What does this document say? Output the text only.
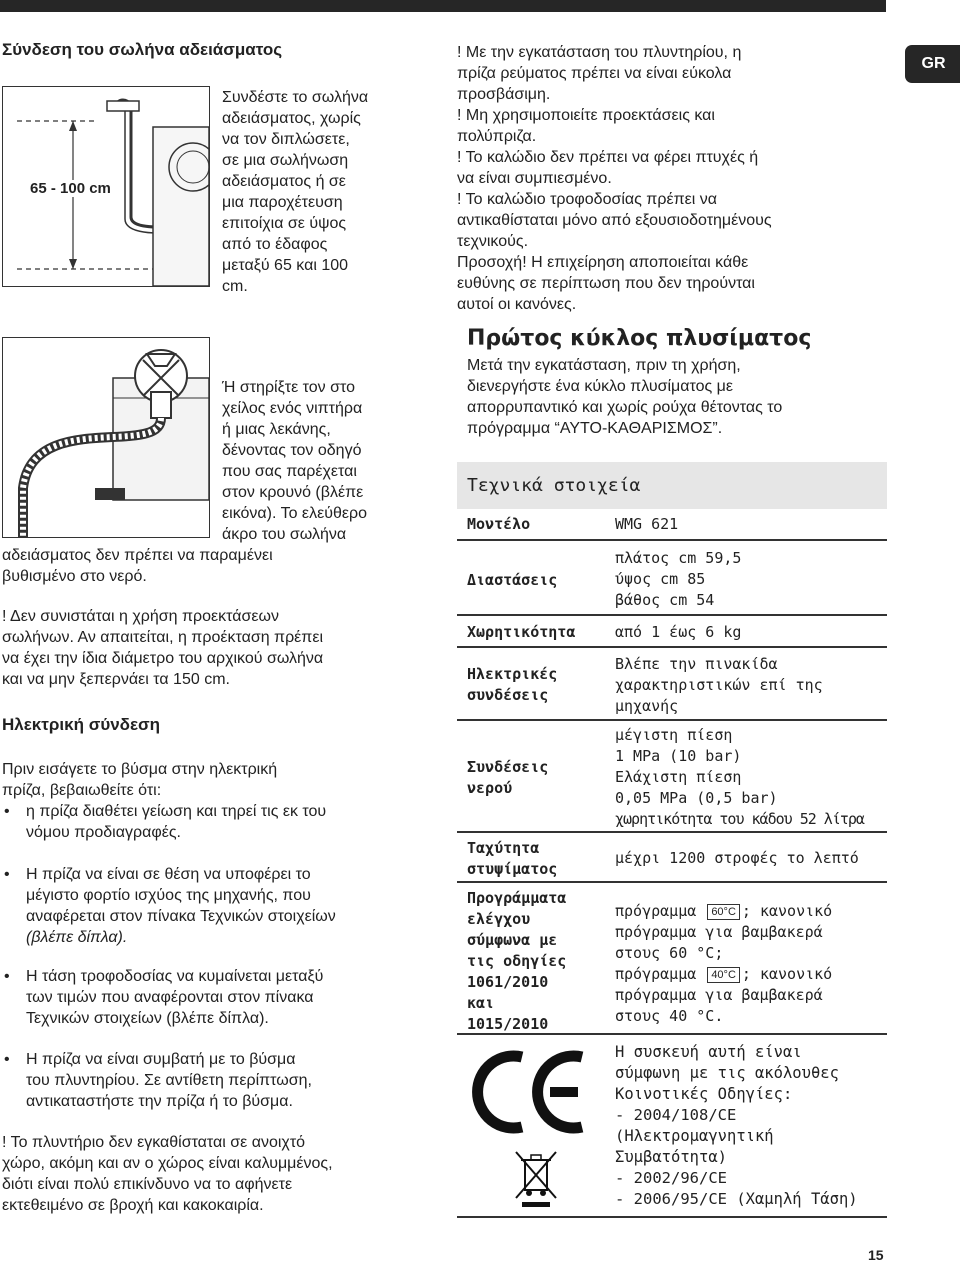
GR
Σύνδεση του σωλήνα αδειάσματος
65 - 100 cm
Συνδέστε το σωλήνα
αδειάσματος, χωρίς
να τον διπλώσετε,
σε μια σωλήνωση
αδειάσματος ή σε
μια παροχέτευση
επιτοίχια σε ύψος
από το έδαφος
μεταξύ 65 και 100
cm.
Ή στηρίξτε τον στο
χείλος ενός νιπτήρα
ή μιας λεκάνης,
δένοντας τον οδηγό
που σας παρέχεται
στον κρουνό (βλέπε
εικόνα). Το ελεύθερο
άκρο του σωλήνα
αδειάσματος δεν πρέπει να παραμένει
βυθισμένο στο νερό.
! Δεν συνιστάται η χρήση προεκτάσεων
σωλήνων. Αν απαιτείται, η προέκταση πρέπει
να έχει την ίδια διάμετρο του αρχικού σωλήνα
και να μην ξεπερνάει τα 150 cm.
Ηλεκτρική σύνδεση
Πριν εισάγετε το βύσμα στην ηλεκτρική
πρίζα, βεβαιωθείτε ότι:
• η πρίζα διαθέτει γείωση και τηρεί τις εκ του
νόμου προδιαγραφές.
• Η πρίζα να είναι σε θέση να υποφέρει το
μέγιστο φορτίο ισχύος της μηχανής, που
αναφέρεται στον πίνακα Τεχνικών στοιχείων
(βλέπε δίπλα).
• Η τάση τροφοδοσίας να κυμαίνεται μεταξύ
των τιμών που αναφέρονται στον πίνακα
Τεχνικών στοιχείων (βλέπε δίπλα).
• Η πρίζα να είναι συμβατή με το βύσμα
του πλυντηρίου. Σε αντίθετη περίπτωση,
αντικαταστήστε την πρίζα ή το βύσμα.
! Το πλυντήριο δεν εγκαθίσταται σε ανοιχτό
χώρο, ακόμη και αν ο χώρος είναι καλυμμένος,
διότι είναι πολύ επικίνδυνο να το αφήνετε
εκτεθειμένο σε βροχή και κακοκαιρία.
! Με την εγκατάσταση του πλυντηρίου, η
πρίζα ρεύματος πρέπει να είναι εύκολα
προσβάσιμη.
! Μη χρησιμοποιείτε προεκτάσεις και
πολύπριζα.
! Το καλώδιο δεν πρέπει να φέρει πτυχές ή
να είναι συμπιεσμένο.
! Το καλώδιο τροφοδοσίας πρέπει να
αντικαθίσταται μόνο από εξουσιοδοτημένους
τεχνικούς.
Προσοχή! Η επιχείρηση αποποιείται κάθε
ευθύνης σε περίπτωση που δεν τηρούνται
αυτοί οι κανόνες.
Πρώτος κύκλος πλυσίματος
Μετά την εγκατάσταση, πριν τη χρήση,
διενεργήστε ένα κύκλο πλυσίματος με
απορρυπαντικό και χωρίς ρούχα θέτοντας το
πρόγραμμα “AYTO-KAΘAPIΣMOΣ”.
Τεχνικά στοιχεία
Μοντέλο	WMG 621
Διαστάσεις
πλάτος cm 59,5
ύψος cm 85
βάθος cm 54
Χωρητικότητα	από 1 έως 6 kg
Ηλεκτρικές
συνδέσεις
Βλέπε την πινακίδα
χαρακτηριστικών επί της
μηχανής
Συνδέσεις
νερού
μέγιστη πίεση
1 MPa (10 bar)
Ελάχιστη πίεση
0,05 MPa (0,5 bar)
χωρητικότητα του κάδου 52 λίτρα
Ταχύτητα
στυψίματος
μέχρι 1200 στροφές το λεπτό
Προγράμματα
ελέγχου
σύμφωνα με
τις οδηγίες
1061/2010
και
1015/2010
πρόγραμμα 60°C ; κανονικό
πρόγραμμα για βαμβακερά
στους 60 °C;
πρόγραμμα 40°C ; κανονικό
πρόγραμμα για βαμβακερά
στους 40 °C.
Η συσκευή αυτή είναι
σύμφωνη με τις ακόλουθες
Κοινοτικές Οδηγίες:
- 2004/108/CE
(Ηλεκτρομαγνητική
Συμβατότητα)
- 2002/96/CE
- 2006/95/CE (Χαμηλή Τάση)
15
